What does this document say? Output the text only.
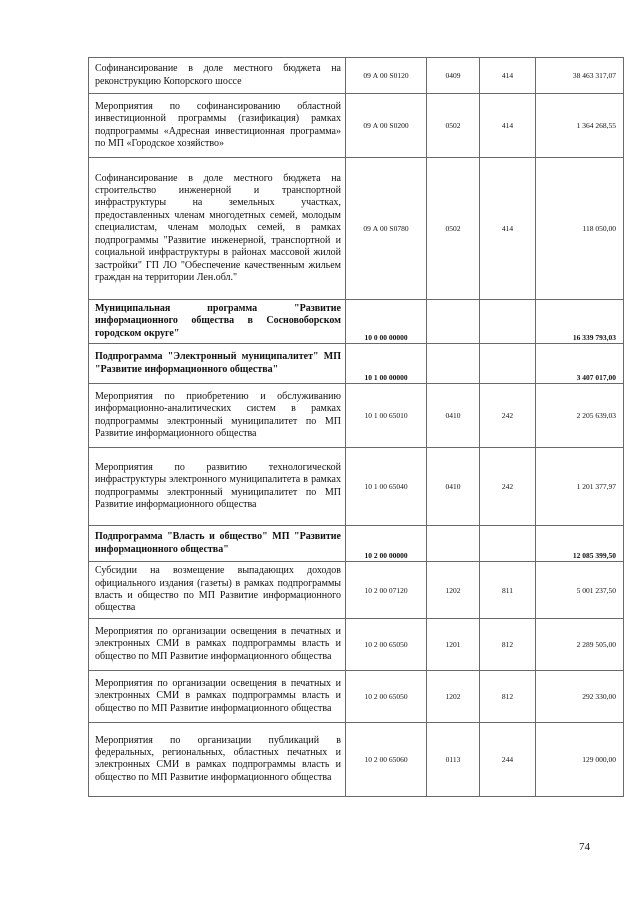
Софинансирование в доле местного бюджета на реконструкцию Копорского шоссе	09 А 00 S0120	0409	414	38 463 317,07
Мероприятия по софинансированию областной инвестиционной программы (газификация) рамках подпрограммы «Адресная инвестиционная программа» по МП «Городское хозяйство»	09 А 00 S0200	0502	414	1 364 268,55
Софинансирование в доле местного бюджета на строительство инженерной и транспортной инфраструктуры на земельных участках, предоставленных членам многодетных семей, молодым специалистам, членам молодых семей, в рамках подпрограммы "Развитие инженерной, транспортной и социальной инфраструктуры в районах массовой жилой застройки" ГП ЛО "Обеспечение качественным жильем граждан на территории Лен.обл."	09 А 00 S0780	0502	414	118 050,00
Муниципальная программа "Развитие информационного общества в Сосновоборском городском округе"	10 0 00 00000			16 339 793,03
Подпрограмма "Электронный муниципалитет" МП "Развитие информационного общества"	10 1 00 00000			3 407 017,00
Мероприятия по приобретению и обслуживанию информационно-аналитических систем в рамках подпрограммы электронный муниципалитет по МП Развитие информационного общества	10 1 00 65010	0410	242	2 205 639,03
Мероприятия по развитию технологической инфраструктуры электронного муниципалитета в рамках подпрограммы электронный муниципалитет по МП Развитие информационного общества	10 1 00 65040	0410	242	1 201 377,97
Подпрограмма "Власть и общество" МП "Развитие информационного общества"	10 2 00 00000			12 085 399,50
Субсидии на возмещение выпадающих доходов официального издания (газеты) в рамках подпрограммы власть и общество по МП Развитие информационного общества	10 2 00 07120	1202	811	5 001 237,50
Мероприятия по организации освещения в печатных и электронных СМИ в рамках подпрограммы власть и общество по МП Развитие информационного общества	10 2 00 65050	1201	812	2 289 505,00
Мероприятия по организации освещения в печатных и электронных СМИ в рамках подпрограммы власть и общество по МП Развитие информационного общества	10 2 00 65050	1202	812	292 330,00
Мероприятия по организации публикаций в федеральных, региональных, областных печатных и электронных СМИ в рамках подпрограммы власть и общество по МП Развитие информационного общества	10 2 00 65060	0113	244	129 000,00
74
